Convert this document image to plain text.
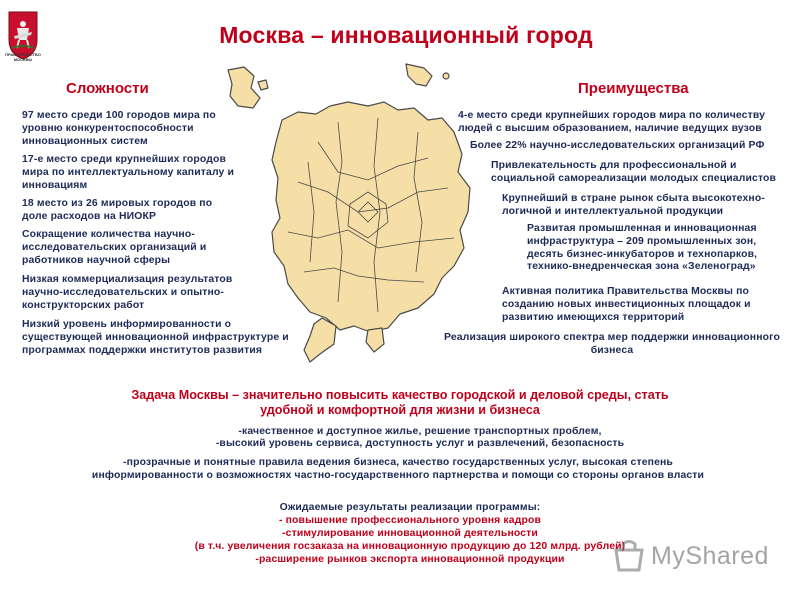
ПРАВИТЕЛЬСТВО МОСКВЫ
Москва – инновационный город
Сложности	Преимущества
97 место среди 100 городов мира по уровню конкурентоспособности инновационных систем
17-е место среди крупнейших городов мира по интеллектуальному капиталу и инновациям
18 место из 26 мировых городов по доле расходов на НИОКР
Сокращение количества научно-исследовательских организаций и работников научной сферы
Низкая коммерциализация результатов научно-исследовательских и опытно-конструкторских работ
Низкий уровень информированности о существующей инновационной инфраструктуре и программах поддержки институтов развития
4-е место среди крупнейших городов мира по количеству людей с высшим образованием, наличие ведущих вузов
Более 22% научно-исследовательских организаций РФ
Привлекательность для профессиональной и социальной самореализации молодых специалистов
Крупнейший в стране рынок сбыта высокотехно-логичной и интеллектуальной продукции
Развитая промышленная и инновационная инфраструктура – 209 промышленных зон, десять бизнес-инкубаторов и технопарков, технико-внедренческая зона «Зеленоград»
Активная политика Правительства Москвы по созданию новых инвестиционных площадок и развитию имеющихся территорий
Реализация широкого спектра мер поддержки инновационного бизнеса
Задача Москвы – значительно повысить качество городской и деловой среды, стать удобной и комфортной для жизни и бизнеса
-качественное и доступное жилье, решение транспортных проблем,
-высокий уровень сервиса, доступность услуг и развлечений, безопасность
-прозрачные и понятные правила ведения бизнеса, качество государственных услуг, высокая степень информированности о возможностях частно-государственного партнерства и помощи со стороны органов власти
Ожидаемые результаты реализации программы:
- повышение профессионального уровня кадров
-стимулирование инновационной деятельности
(в т.ч. увеличения госзаказа на инновационную продукцию до 120 млрд. рублей)
-расширение рынков экспорта инновационной продукции	MyShared
